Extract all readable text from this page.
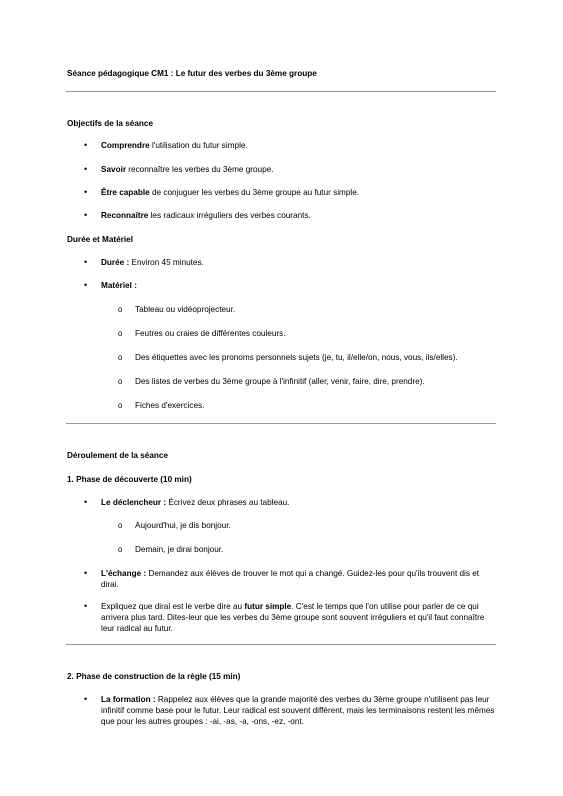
Séance pédagogique CM1 : Le futur des verbes du 3ème groupe
Objectifs de la séance
• Comprendre l'utilisation du futur simple.
• Savoir reconnaître les verbes du 3ème groupe.
• Être capable de conjuguer les verbes du 3ème groupe au futur simple.
• Reconnaître les radicaux irréguliers des verbes courants.
Durée et Matériel
• Durée : Environ 45 minutes.
• Matériel :
o Tableau ou vidéoprojecteur.
o Feutres ou craies de différentes couleurs.
o Des étiquettes avec les pronoms personnels sujets (je, tu, il/elle/on, nous, vous, ils/elles).
o Des listes de verbes du 3ème groupe à l'infinitif (aller, venir, faire, dire, prendre).
o Fiches d'exercices.
Déroulement de la séance
1. Phase de découverte (10 min)
• Le déclencheur : Écrivez deux phrases au tableau.
o Aujourd'hui, je dis bonjour.
o Demain, je dirai bonjour.
• L'échange : Demandez aux élèves de trouver le mot qui a changé. Guidez-les pour qu'ils trouvent dis et dirai.
• Expliquez que dirai est le verbe dire au futur simple. C'est le temps que l'on utilise pour parler de ce qui arrivera plus tard. Dites-leur que les verbes du 3ème groupe sont souvent irréguliers et qu'il faut connaître leur radical au futur.
2. Phase de construction de la règle (15 min)
• La formation : Rappelez aux élèves que la grande majorité des verbes du 3ème groupe n'utilisent pas leur infinitif comme base pour le futur. Leur radical est souvent différent, mais les terminaisons restent les mêmes que pour les autres groupes : -ai, -as, -a, -ons, -ez, -ont.
